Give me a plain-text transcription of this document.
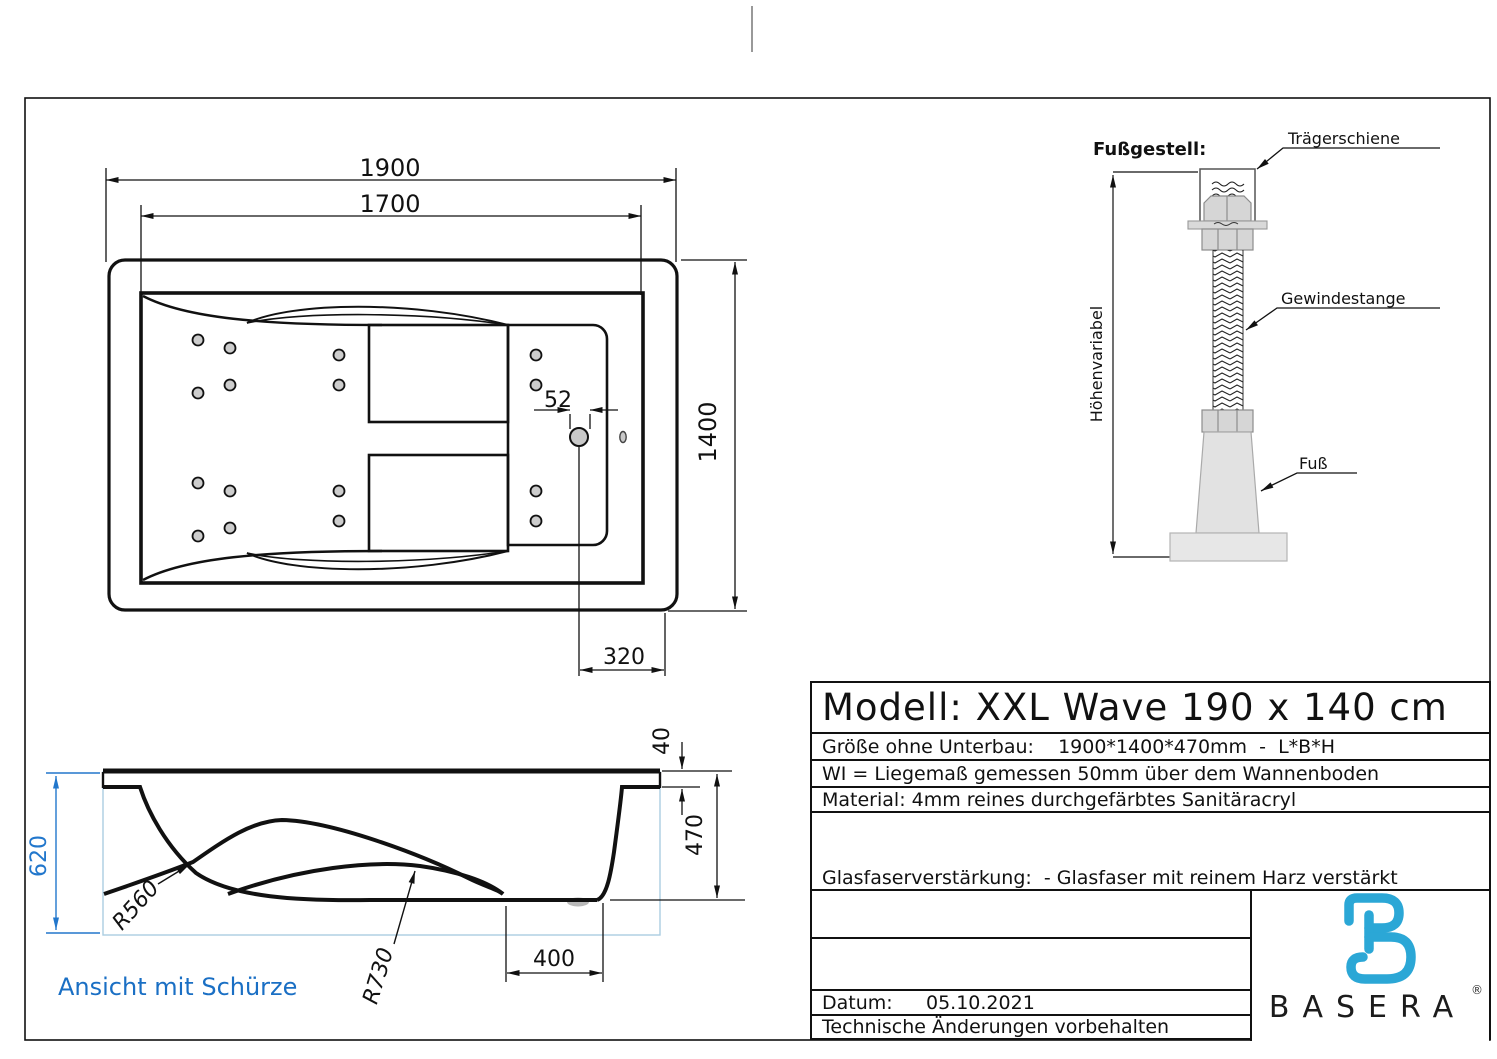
1900
1700
1400
52
320
620
R560
R730	400
40
470
Ansicht mit Schürze
Fußgestell:
Trägerschiene
Gewindestange
Fuß
Höhenvariabel
Modell: XXL Wave 190 x 140 cm
Größe ohne Unterbau:    1900*1400*470mm  -  L*B*H
WI = Liegemaß gemessen 50mm über dem Wannenboden
Material: 4mm reines durchgefärbtes Sanitäracryl

Glasfaserverstärkung:  - Glasfaser mit reinem Harz verstärkt

Datum:	05.10.2021
Technische Änderungen vorbehalten
BASERA ®
